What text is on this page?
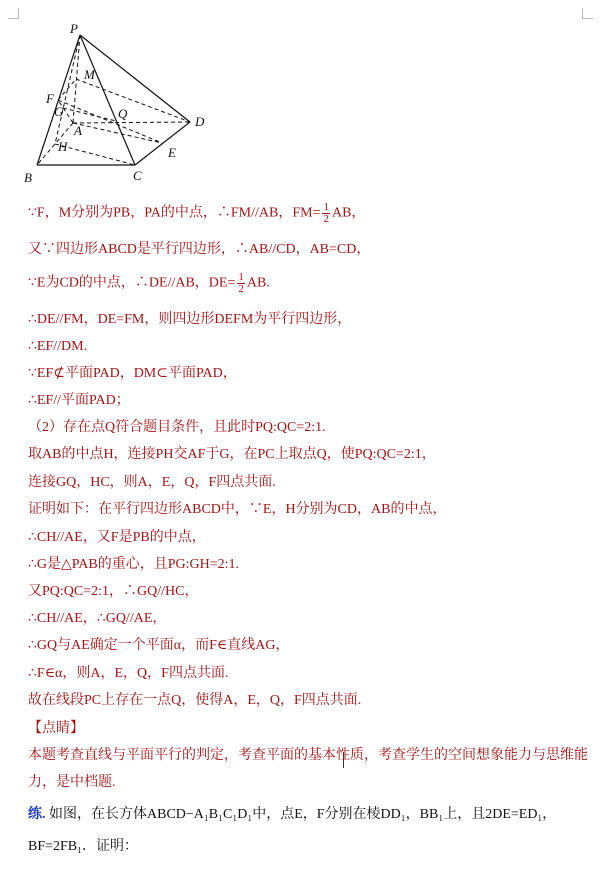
P
M
F
G	Q
D
A
H	E
B	C
∵F，M分别为PB，PA的中点，∴FM//AB，$FM= \frac{1}{2}$ AB，
又∵四边形ABCD是平行四边形，∴AB//CD，AB=CD，
∵E为CD的中点，∴DE//AB，$DE= \frac{1}{2}$ AB.
∴DE//FM，DE=FM，则四边形DEFM为平行四边形，
∴EF//DM.
∵EF⊄平面PAD，DM⊂平面PAD，
∴EF//平面PAD；
（2）存在点Q符合题目条件，且此时PQ:QC=2:1.
取AB的中点H，连接PH交AF于G，在PC上取点Q，使PQ:QC=2:1，
连接GQ，HC，则A，E，Q，F四点共面.
证明如下：在平行四边形ABCD中，∵E，H分别为CD，AB的中点，
∴CH//AE，又F是PB的中点，
∴G是△PAB的重心，且PG:GH=2:1.
又PQ:QC=2:1，∴GQ//HC，
∴CH//AE，∴GQ//AE，
∴GQ与AE确定一个平面α，而F∈直线AG，
∴F∈α，则A，E，Q，F四点共面.
故在线段PC上存在一点Q，使得A，E，Q，F四点共面.
【点睛】
本题考查直线与平面平行的判定，考查平面的基本性质，考查学生的空间想象能力与思维能
力，是中档题.
练. 如图，在长方体ABCD−A₁B₁C₁D₁中，点E，F分别在棱DD₁，BB₁上，且2DE=ED₁，
BF=2FB₁．证明：
